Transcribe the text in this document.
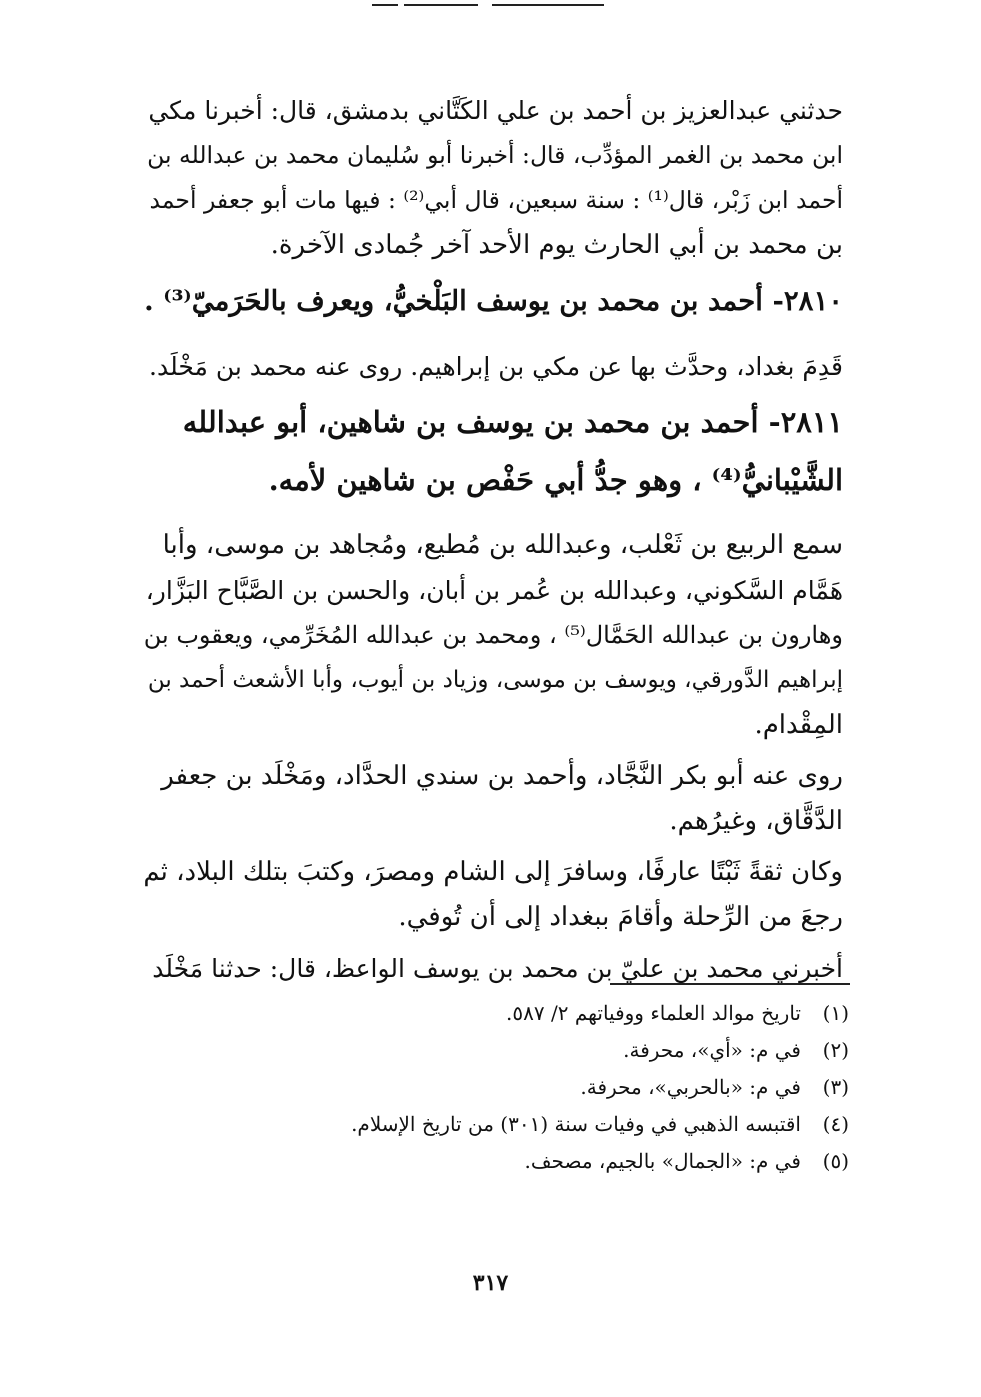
حدثني عبدالعزيز بن أحمد بن علي الكَتَّاني بدمشق، قال: أخبرنا مكي
ابن محمد بن الغمر المؤدِّب، قال: أخبرنا أبو سُليمان محمد بن عبدالله بن
أحمد ابن زَبْر، قال⁽¹⁾ : سنة سبعين، قال أبي⁽²⁾ : فيها مات أبو جعفر أحمد
بن محمد بن أبي الحارث يوم الأحد آخر جُمادى الآخرة.
٢٨١٠- أحمد بن محمد بن يوسف البَلْخيُّ، ويعرف بالحَرَميّ⁽³⁾ .
قَدِمَ بغداد، وحدَّث بها عن مكي بن إبراهيم. روى عنه محمد بن مَخْلَد.
٢٨١١- أحمد بن محمد بن يوسف بن شاهين، أبو عبدالله
الشَّيْبانيُّ⁽⁴⁾ ، وهو جدُّ أبي حَفْص بن شاهين لأمه.
سمع الربيع بن ثَعْلب، وعبدالله بن مُطيع، ومُجاهد بن موسى، وأبا
هَمَّام السَّكوني، وعبدالله بن عُمر بن أبان، والحسن بن الصَّبَّاح البَزَّار،
وهارون بن عبدالله الحَمَّال⁽⁵⁾ ، ومحمد بن عبدالله المُخَرِّمي، ويعقوب بن
إبراهيم الدَّورقي، ويوسف بن موسى، وزياد بن أيوب، وأبا الأشعث أحمد بن
المِقْدام.
روى عنه أبو بكر النَّجَّاد، وأحمد بن سندي الحدَّاد، ومَخْلَد بن جعفر
الدَّقَّاق، وغيرُهم.
وكان ثقةً ثَبْتًا عارفًا، وسافرَ إلى الشام ومصرَ، وكتبَ بتلك البلاد، ثم
رجعَ من الرِّحلة وأقامَ ببغداد إلى أن تُوفي.
أخبرني محمد بن عليّ بن محمد بن يوسف الواعظ، قال: حدثنا مَخْلَد
(١)
تاريخ موالد العلماء ووفياتهم ٢/ ٥٨٧.
(٢)
في م: «أي»، محرفة.
(٣)
في م: «بالحربي»، محرفة.
(٤)
اقتبسه الذهبي في وفيات سنة (٣٠١) من تاريخ الإسلام.
(٥)
في م: «الجمال» بالجيم، مصحف.
٣١٧
